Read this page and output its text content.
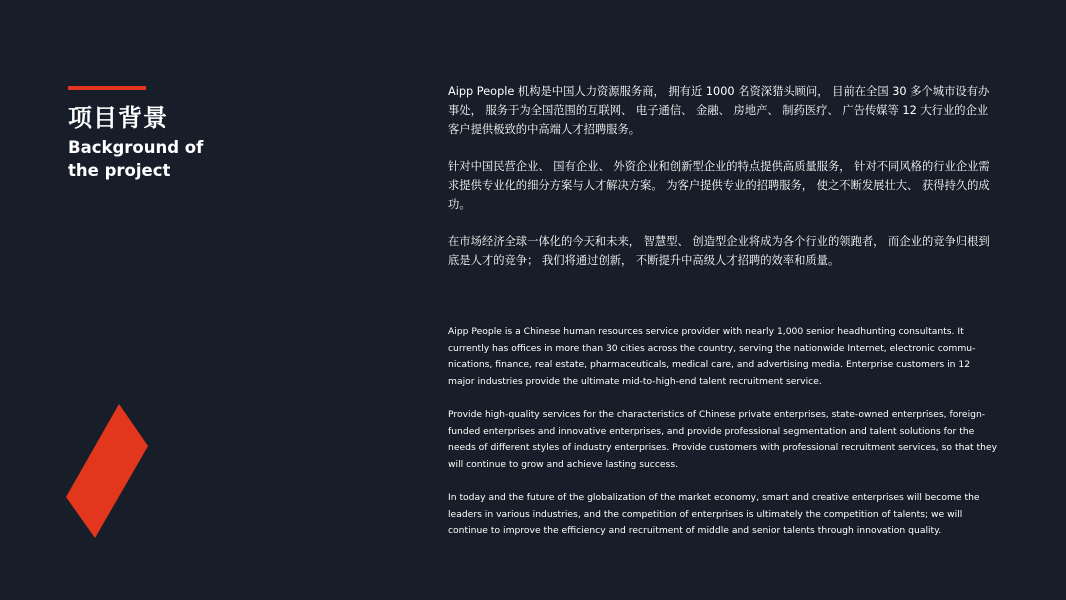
项目背景
Background of the project

Aipp People 机构是中国人力资源服务商， 拥有近 1000 名资深猎头顾问， 目前在全国 30 多个城市设有办事处， 服务于为全国范围的互联网、 电子通信、 金融、 房地产、 制药医疗、 广告传媒等 12 大行业的企业客户提供极致的中高端人才招聘服务。

针对中国民营企业、 国有企业、 外资企业和创新型企业的特点提供高质量服务， 针对不同风格的行业企业需求提供专业化的细分方案与人才解决方案。 为客户提供专业的招聘服务， 使之不断发展壮大、 获得持久的成功。

在市场经济全球一体化的今天和未来， 智慧型、 创造型企业将成为各个行业的领跑者， 而企业的竞争归根到底是人才的竞争； 我们将通过创新， 不断提升中高级人才招聘的效率和质量。

Aipp People is a Chinese human resources service provider with nearly 1,000 senior headhunting consultants. It currently has offices in more than 30 cities across the country, serving the nationwide Internet, electronic commu-nications, finance, real estate, pharmaceuticals, medical care, and advertising media. Enterprise customers in 12 major industries provide the ultimate mid-to-high-end talent recruitment service.

Provide high-quality services for the characteristics of Chinese private enterprises, state-owned enterprises, foreign-funded enterprises and innovative enterprises, and provide professional segmentation and talent solutions for the needs of different styles of industry enterprises. Provide customers with professional recruitment services, so that they will continue to grow and achieve lasting success.

In today and the future of the globalization of the market economy, smart and creative enterprises will become the leaders in various industries, and the competition of enterprises is ultimately the competition of talents; we will continue to improve the efficiency and recruitment of middle and senior talents through innovation quality.
